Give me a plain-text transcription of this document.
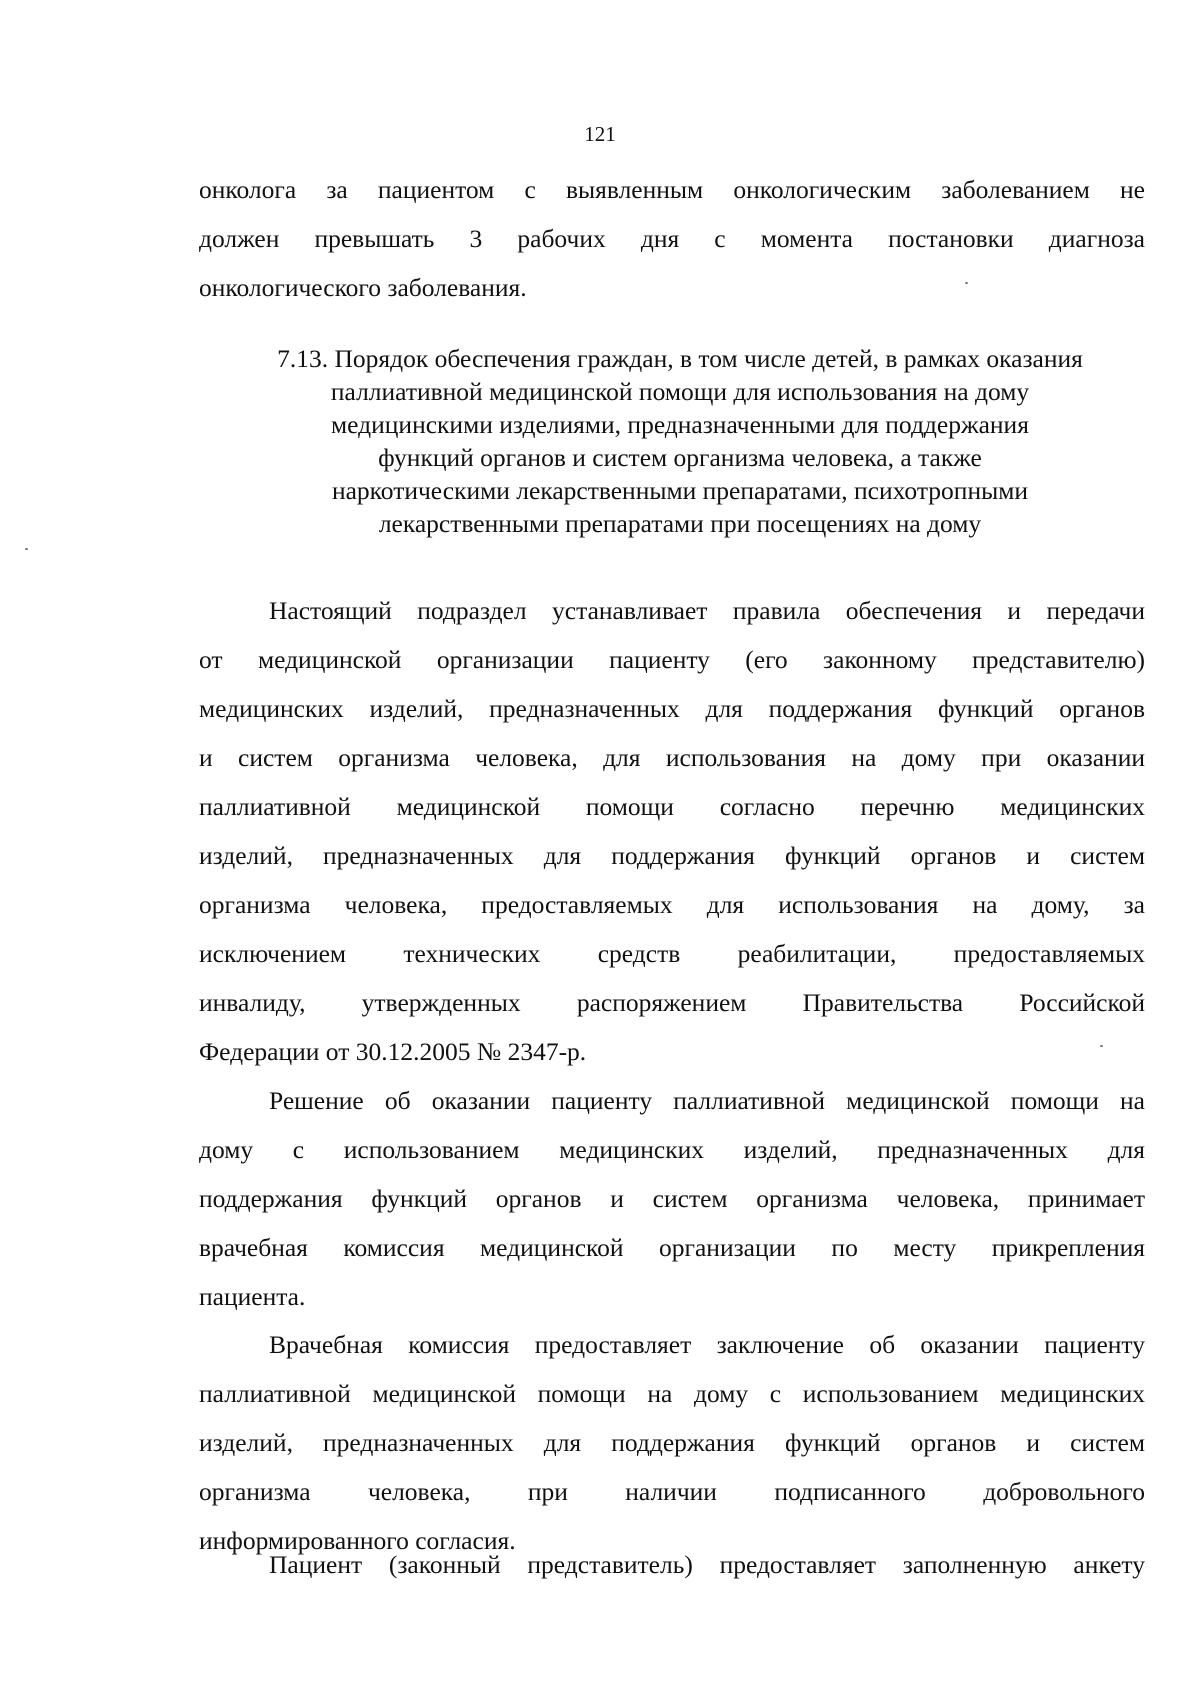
121
онколога за пациентом с выявленным онкологическим заболеванием не
должен превышать 3 рабочих дня с момента постановки диагноза
онкологического заболевания.
7.13. Порядок обеспечения граждан, в том числе детей, в рамках оказания
паллиативной медицинской помощи для использования на дому
медицинскими изделиями, предназначенными для поддержания
функций органов и систем организма человека, а также
наркотическими лекарственными препаратами, психотропными
лекарственными препаратами при посещениях на дому
Настоящий подраздел устанавливает правила обеспечения и передачи
от медицинской организации пациенту (его законному представителю)
медицинских изделий, предназначенных для поддержания функций органов
и систем организма человека, для использования на дому при оказании
паллиативной медицинской помощи согласно перечню медицинских
изделий, предназначенных для поддержания функций органов и систем
организма человека, предоставляемых для использования на дому, за
исключением технических средств реабилитации, предоставляемых
инвалиду, утвержденных распоряжением Правительства Российской
Федерации от 30.12.2005 № 2347-р.
Решение об оказании пациенту паллиативной медицинской помощи на
дому с использованием медицинских изделий, предназначенных для
поддержания функций органов и систем организма человека, принимает
врачебная комиссия медицинской организации по месту прикрепления
пациента.
Врачебная комиссия предоставляет заключение об оказании пациенту
паллиативной медицинской помощи на дому с использованием медицинских
изделий, предназначенных для поддержания функций органов и систем
организма человека, при наличии подписанного добровольного
информированного согласия.
Пациент (законный представитель) предоставляет заполненную анкету
